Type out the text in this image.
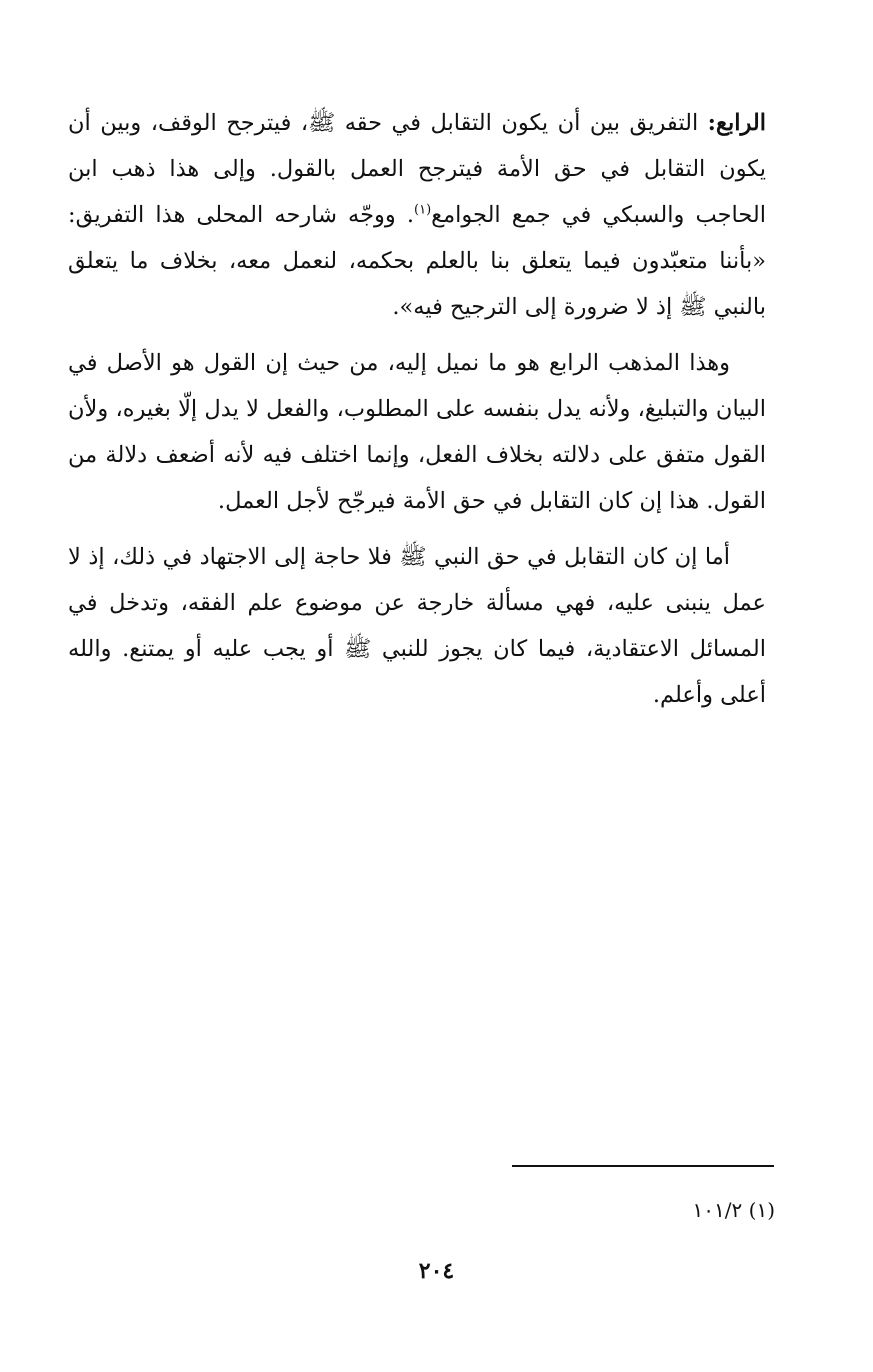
الرابع: التفريق بين أن يكون التقابل في حقه ﷺ، فيترجح الوقف، وبين أن يكون التقابل في حق الأمة فيترجح العمل بالقول. وإلى هذا ذهب ابن الحاجب والسبكي في جمع الجوامع$^{(١)}$. ووجّه شارحه المحلى هذا التفريق: «بأننا متعبّدون فيما يتعلق بنا بالعلم بحكمه، لنعمل معه، بخلاف ما يتعلق بالنبي ﷺ إذ لا ضرورة إلى الترجيح فيه».

وهذا المذهب الرابع هو ما نميل إليه، من حيث إن القول هو الأصل في البيان والتبليغ، ولأنه يدل بنفسه على المطلوب، والفعل لا يدل إلّا بغيره، ولأن القول متفق على دلالته بخلاف الفعل، وإنما اختلف فيه لأنه أضعف دلالة من القول. هذا إن كان التقابل في حق الأمة فيرجّح لأجل العمل.

أما إن كان التقابل في حق النبي ﷺ فلا حاجة إلى الاجتهاد في ذلك، إذ لا عمل ينبنى عليه، فهي مسألة خارجة عن موضوع علم الفقه، وتدخل في المسائل الاعتقادية، فيما كان يجوز للنبي ﷺ أو يجب عليه أو يمتنع. والله أعلى وأعلم.

(١) ١٠١/٢
٢٠٤
